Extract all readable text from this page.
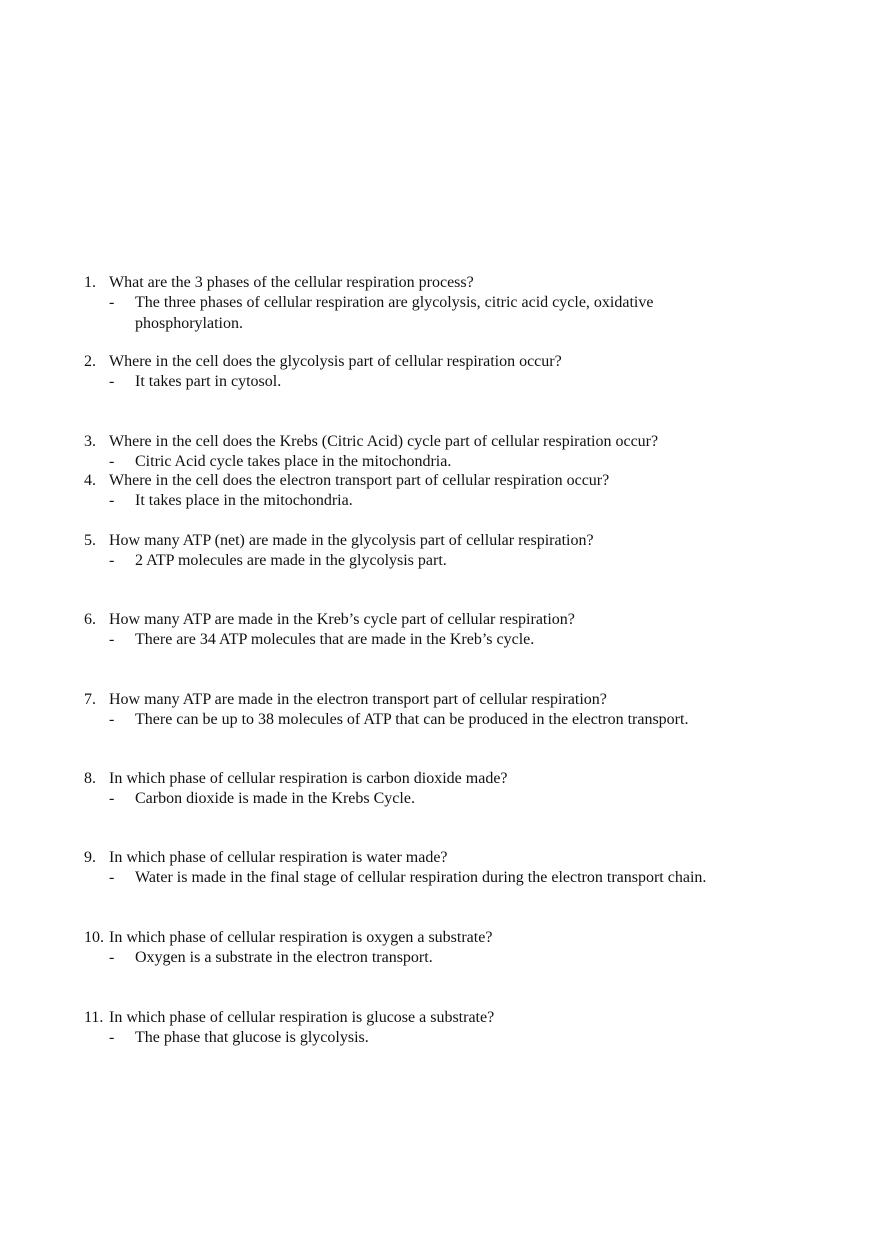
1. What are the 3 phases of the cellular respiration process?

- The three phases of cellular respiration are glycolysis, citric acid cycle, oxidative phosphorylation.
2. Where in the cell does the glycolysis part of cellular respiration occur?

- It takes part in cytosol.
3. Where in the cell does the Krebs (Citric Acid) cycle part of cellular respiration occur?

- Citric Acid cycle takes place in the mitochondria.
4. Where in the cell does the electron transport part of cellular respiration occur?

- It takes place in the mitochondria.
5. How many ATP (net) are made in the glycolysis part of cellular respiration?

- 2 ATP molecules are made in the glycolysis part.
6. How many ATP are made in the Kreb’s cycle part of cellular respiration?

- There are 34 ATP molecules that are made in the Kreb’s cycle.
7. How many ATP are made in the electron transport part of cellular respiration?

- There can be up to 38 molecules of ATP that can be produced in the electron transport.
8. In which phase of cellular respiration is carbon dioxide made?

- Carbon dioxide is made in the Krebs Cycle.
9. In which phase of cellular respiration is water made?

- Water is made in the final stage of cellular respiration during the electron transport chain.
10. In which phase of cellular respiration is oxygen a substrate?

- Oxygen is a substrate in the electron transport.
11. In which phase of cellular respiration is glucose a substrate?

- The phase that glucose is glycolysis.
